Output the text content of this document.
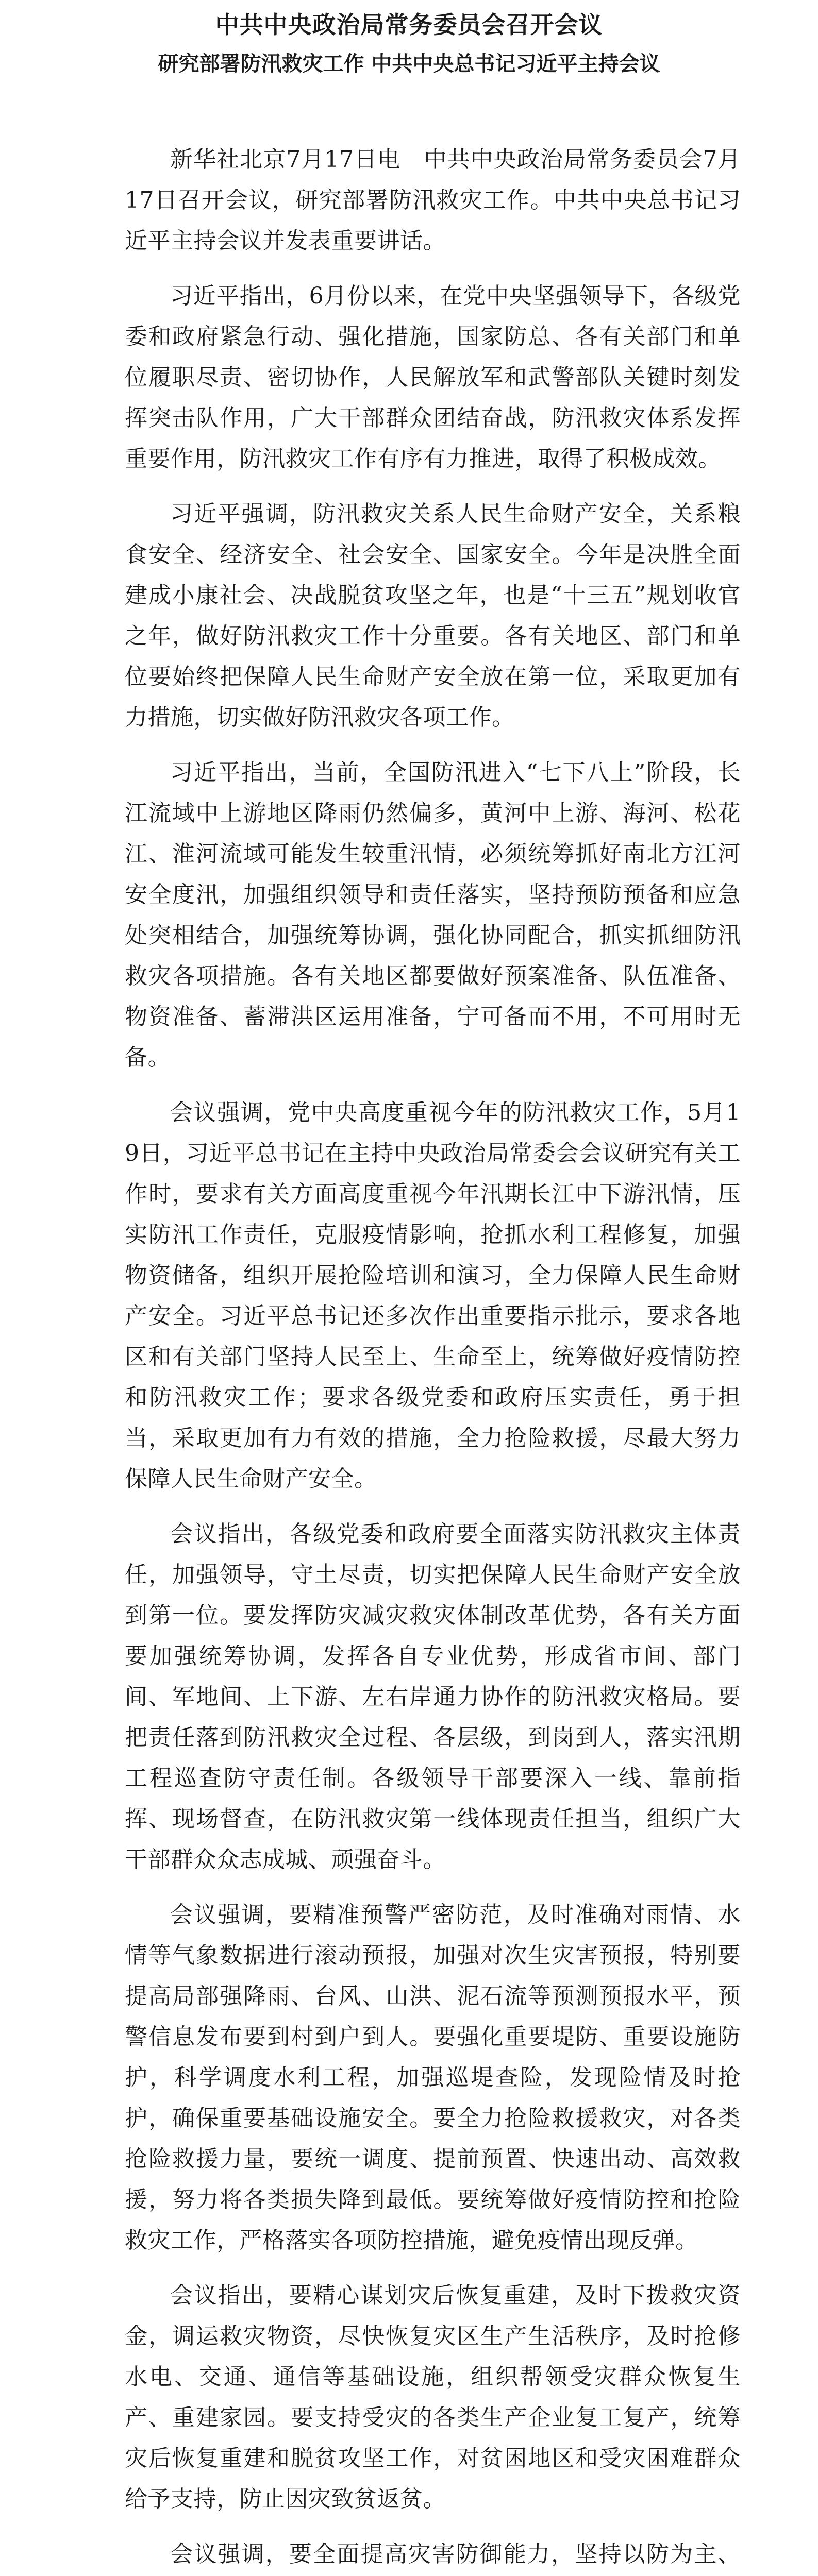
中共中央政治局常务委员会召开会议
研究部署防汛救灾工作 中共中央总书记习近平主持会议

新华社北京7月17日电　中共中央政治局常务委员会7月17日召开会议，研究部署防汛救灾工作。中共中央总书记习近平主持会议并发表重要讲话。

习近平指出，6月份以来，在党中央坚强领导下，各级党委和政府紧急行动、强化措施，国家防总、各有关部门和单位履职尽责、密切协作，人民解放军和武警部队关键时刻发挥突击队作用，广大干部群众团结奋战，防汛救灾体系发挥重要作用，防汛救灾工作有序有力推进，取得了积极成效。

习近平强调，防汛救灾关系人民生命财产安全，关系粮食安全、经济安全、社会安全、国家安全。今年是决胜全面建成小康社会、决战脱贫攻坚之年，也是“十三五”规划收官之年，做好防汛救灾工作十分重要。各有关地区、部门和单位要始终把保障人民生命财产安全放在第一位，采取更加有力措施，切实做好防汛救灾各项工作。

习近平指出，当前，全国防汛进入“七下八上”阶段，长江流域中上游地区降雨仍然偏多，黄河中上游、海河、松花江、淮河流域可能发生较重汛情，必须统筹抓好南北方江河安全度汛，加强组织领导和责任落实，坚持预防预备和应急处突相结合，加强统筹协调，强化协同配合，抓实抓细防汛救灾各项措施。各有关地区都要做好预案准备、队伍准备、物资准备、蓄滞洪区运用准备，宁可备而不用，不可用时无备。

会议强调，党中央高度重视今年的防汛救灾工作，5月19日，习近平总书记在主持中央政治局常委会会议研究有关工作时，要求有关方面高度重视今年汛期长江中下游汛情，压实防汛工作责任，克服疫情影响，抢抓水利工程修复，加强物资储备，组织开展抢险培训和演习，全力保障人民生命财产安全。习近平总书记还多次作出重要指示批示，要求各地区和有关部门坚持人民至上、生命至上，统筹做好疫情防控和防汛救灾工作；要求各级党委和政府压实责任，勇于担当，采取更加有力有效的措施，全力抢险救援，尽最大努力保障人民生命财产安全。

会议指出，各级党委和政府要全面落实防汛救灾主体责任，加强领导，守土尽责，切实把保障人民生命财产安全放到第一位。要发挥防灾减灾救灾体制改革优势，各有关方面要加强统筹协调，发挥各自专业优势，形成省市间、部门间、军地间、上下游、左右岸通力协作的防汛救灾格局。要把责任落到防汛救灾全过程、各层级，到岗到人，落实汛期工程巡查防守责任制。各级领导干部要深入一线、靠前指挥、现场督查，在防汛救灾第一线体现责任担当，组织广大干部群众众志成城、顽强奋斗。

会议强调，要精准预警严密防范，及时准确对雨情、水情等气象数据进行滚动预报，加强对次生灾害预报，特别要提高局部强降雨、台风、山洪、泥石流等预测预报水平，预警信息发布要到村到户到人。要强化重要堤防、重要设施防护，科学调度水利工程，加强巡堤查险，发现险情及时抢护，确保重要基础设施安全。要全力抢险救援救灾，对各类抢险救援力量，要统一调度、提前预置、快速出动、高效救援，努力将各类损失降到最低。要统筹做好疫情防控和抢险救灾工作，严格落实各项防控措施，避免疫情出现反弹。

会议指出，要精心谋划灾后恢复重建，及时下拨救灾资金，调运救灾物资，尽快恢复灾区生产生活秩序，及时抢修水电、交通、通信等基础设施，组织帮领受灾群众恢复生产、重建家园。要支持受灾的各类生产企业复工复产，统筹灾后恢复重建和脱贫攻坚工作，对贫困地区和受灾困难群众给予支持，防止因灾致贫返贫。

会议强调，要全面提高灾害防御能力，坚持以防为主、
